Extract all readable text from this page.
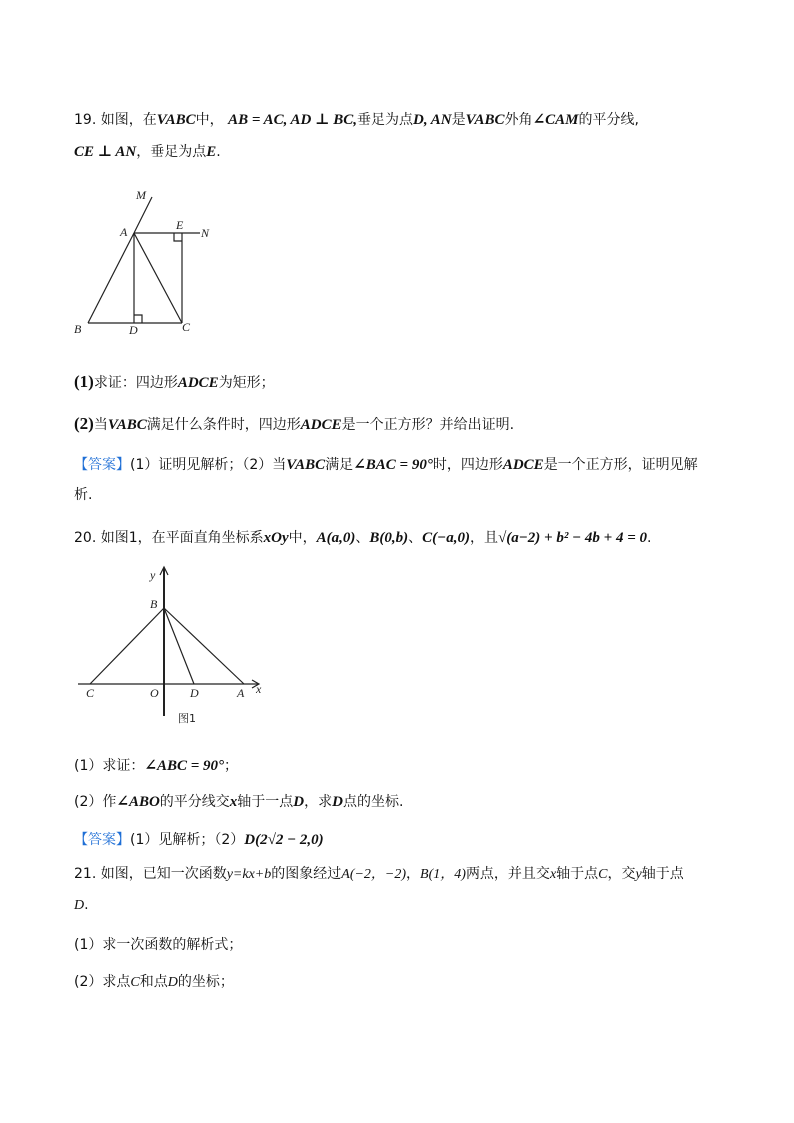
19. 如图，在VABC中， AB = AC, AD ⊥ BC,垂足为点D, AN是VABC外角∠CAM的平分线,
CE ⊥ AN，垂足为点E.
M
A	E
N
B	D	C
(1)求证：四边形ADCE为矩形；
(2)当VABC满足什么条件时，四边形ADCE是一个正方形？并给出证明.
【答案】(1）证明见解析；（2）当VABC满足∠BAC = 90°时，四边形ADCE是一个正方形，证明见解
析.
20. 如图1，在平面直角坐标系xOy中，A(a,0)、B(0,b)、C(−a,0)，且√(a−2) + b² − 4b + 4 = 0.
y
B
C	O	D	A x
图1
(1）求证：∠ABC = 90°；
(2）作∠ABO的平分线交x轴于一点D，求D点的坐标.
【答案】(1）见解析；（2）D(2√2 − 2,0)
21. 如图，已知一次函数y=kx+b的图象经过A(−2，−2)，B(1，4)两点，并且交x轴于点C，交y轴于点
D.
(1）求一次函数的解析式；
(2）求点C和点D的坐标；
